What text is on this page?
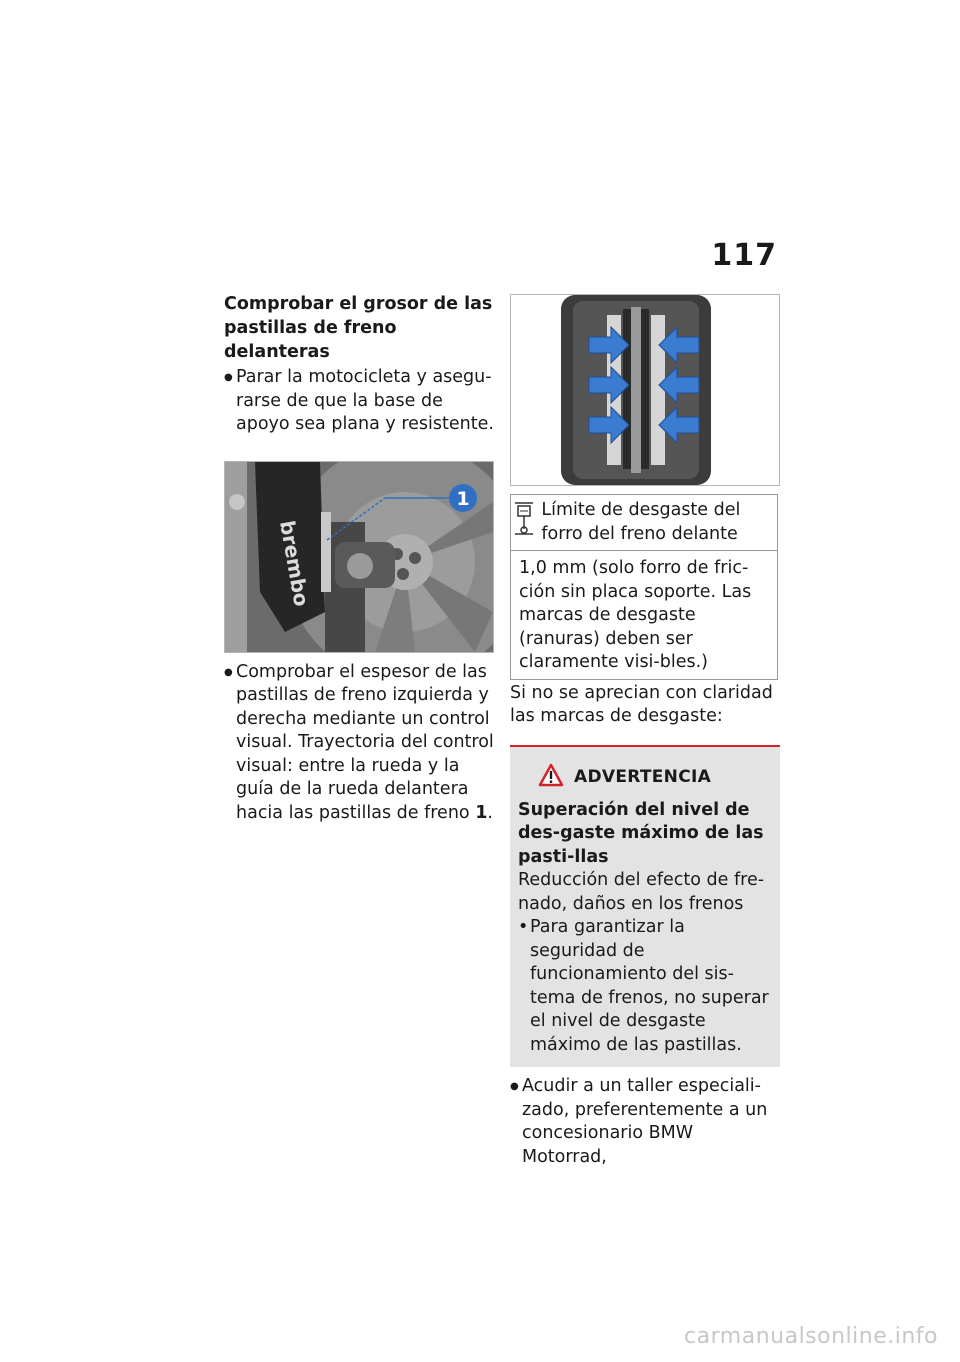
117

Comprobar el grosor de las pastillas de freno delanteras

● Parar la motocicleta y asegu-rarse de que la base de apoyo sea plana y resistente.
brembo
1
● Comprobar el espesor de las pastillas de freno izquierda y derecha mediante un control visual. Trayectoria del control visual: entre la rueda y la guía de la rueda delantera hacia las pastillas de freno 1.
Límite de desgaste del forro del freno delante
1,0 mm (solo forro de fric-ción sin placa soporte. Las marcas de desgaste (ranuras) deben ser claramente visi-bles.)
Si no se aprecian con claridad las marcas de desgaste:
ADVERTENCIA
Superación del nivel de des-gaste máximo de las pasti-llas
Reducción del efecto de fre-nado, daños en los frenos
• Para garantizar la seguridad de funcionamiento del sis-tema de frenos, no superar el nivel de desgaste máximo de las pastillas.
● Acudir a un taller especiali-zado, preferentemente a un concesionario BMW Motorrad,
carmanualsonline.info
